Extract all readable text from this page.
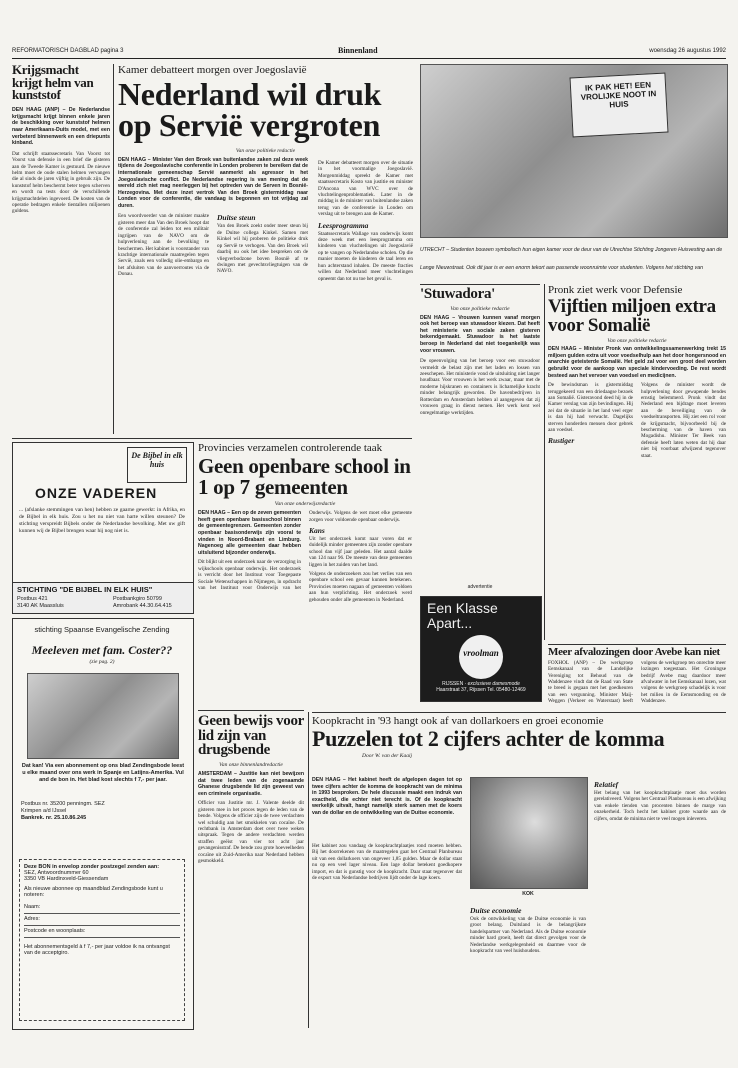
REFORMATORISCH DAGBLAD pagina 3	Binnenland	woensdag 26 augustus 1992
Krijgsmacht krijgt helm van kunststof
DEN HAAG (ANP) – De Nederlandse krijgsmacht krijgt binnen enkele jaren de beschikking over kunststof helmen naar Amerikaans-Duits model, met een verbeterd binnenwerk en een driepunts kinband.
Dat schrijft staatssecretaris Van Voorst tot Voorst van defensie in een brief die gisteren aan de Tweede Kamer is gestuurd. De nieuwe helm moet de oude stalen helmen vervangen die al sinds de jaren vijftig in gebruik zijn. De kunststof helm beschermt beter tegen scherven en wordt na tests door de verschillende krijgsmachtdelen ingevoerd. De kosten van de operatie bedragen enkele tientallen miljoenen guldens.
Kamer debatteert morgen over Joegoslavië
Nederland wil druk op Servië vergroten
Van onze politieke redactie
DEN HAAG – Minister Van den Broek van buitenlandse zaken zal deze week tijdens de Joegoslavische conferentie in Londen proberen te bereiken dat de internationale gemeenschap Servië aanmerkt als agressor in het Joegoslavische conflict. De Nederlandse regering is van mening dat de wereld zich niet mag neerleggen bij het optreden van de Serven in Bosnië-Herzegovina. Met deze inzet vertrok Van den Broek gistermiddag naar Londen voor de conferentie, die vandaag is begonnen en tot vrijdag zal duren.
Een woordvoerder van de minister maakte gisteren meer dan Van den Broek hoopt dat de conferentie zal leiden tot een militair ingrijpen van de NAVO om de hulpverlening aan de bevolking te beschermen. Het kabinet is voorstander van krachtige internationale maatregelen tegen Servië, zoals een volledig olie-embargo en het afsluiten van de aanvoerroutes via de Donau.
Duitse steun
Van den Broek zoekt onder meer steun bij de Duitse collega Kinkel. Samen met Kinkel wil hij proberen de politieke druk op Servië te verhogen. Van den Broek wil daarbij nu ook het idee bespreken om de vliegverbodzone boven Bosnië af te dwingen met gevechtsvliegtuigen van de NAVO.
De Kamer debatteert morgen over de situatie in het voormalige Joegoslavië. Morgenmiddag spreekt de Kamer met staatssecretaris Kosto van justitie en minister D'Ancona van WVC over de vluchtelingenproblematiek. Later in de middag is de minister van buitenlandse zaken terug van de conferentie in Londen om verslag uit te brengen aan de Kamer.
Leesprogramma
Staatssecretaris Wallage van onderwijs komt deze week met een leesprogramma om kinderen van vluchtelingen uit Joegoslavië op te vangen op Nederlandse scholen. Op die manier moeten de kinderen de taal leren en hun achterstand inhalen. De meeste fracties willen dat Nederland meer vluchtelingen opneemt dan tot nu toe het geval is.
IK PAK HET! EEN VROLIJKE NOOT IN HUIS
UTRECHT – Studenten bouwen symbolisch hun eigen kamer voor de deur van de Utrechtse Stichting Jongeren Huisvesting aan de Lange Nieuwstraat. Ook dit jaar is er een enorm tekort aan passende woonruimte voor studenten. Volgens het stichting van
'Stuwadora'
Van onze politieke redactie
DEN HAAG – Vrouwen kunnen vanaf morgen ook het beroep van stuwadoor kiezen. Dat heeft het ministerie van sociale zaken gisteren bekendgemaakt. Stuwadoor is het laatste beroep in Nederland dat niet toegankelijk was voor vrouwen.
De opeenvolging van het beroep voor een stuwadoor vermeldt de belast zijn met het laden en lossen van zeeschepen. Het ministerie vond de uitsluiting niet langer houdbaar. Voor vrouwen is het werk zwaar, maar met de moderne hijskranen en containers is lichamelijke kracht minder belangrijk geworden. De havenbedrijven in Rotterdam en Amsterdam hebben al aangegeven dat zij vrouwen graag in dienst nemen. Het werk kent wel onregelmatige werktijden.
Pronk ziet werk voor Defensie
Vijftien miljoen extra voor Somalië
Van onze politieke redactie
DEN HAAG – Minister Pronk van ontwikkelingssamenwerking trekt 15 miljoen gulden extra uit voor voedselhulp aan het door hongersnood en anarchie geteisterde Somalië. Het geld zal voor een groot deel worden gebruikt voor de aankoop van speciale kindervoeding. De rest wordt besteed aan het vervoer van voedsel en medicijnen.
De bewindsman is gistermiddag teruggekeerd van een driedaagse bezoek aan Somalië. Gisteravond deed hij in de Kamer verslag van zijn bevindingen. Hij zei dat de situatie in het land veel erger is dan hij had verwacht. Dagelijks sterven honderden mensen door gebrek aan voedsel.
Rustiger
Volgens de minister wordt de hulpverlening door gewapende bendes ernstig belemmerd. Pronk vindt dat Nederland een bijdrage moet leveren aan de beveiliging van de voedseltransporten. Hij ziet een rol voor de krijgsmacht, bijvoorbeeld bij de bescherming van de haven van Mogadishu. Minister Ter Beek van defensie heeft laten weten dat hij daar niet bij voorbaat afwijzend tegenover staat.
De Bijbel in elk huis
ONZE VADEREN
... (afslanke stemmingen van hen) hebben ze gaarne gewerkt: in Afrika, en de Bijbel in elk huis. Zou u het nu niet van harte willen steunen? De stichting verspreidt Bijbels onder de Nederlandse bevolking. Met uw gift kunnen wij de Bijbel brengen waar hij nog niet is.
STICHTING "DE BIJBEL IN ELK HUIS"
Postbus 421
3140 AK Maassluis
Postbankgiro 50799
Amrobank 44.30.64.415
stichting Spaanse Evangelische Zending
Meeleven met fam. Coster??
(zie pag. 2)
Dat kan! Via een abonnement op ons blad Zendingsbode leest u elke maand over ons werk in Spanje en Latijns-Amerika. Vul and de bon in. Het blad kost slechts f 7,- per jaar.
Postbus nr. 35200 penningm. SEZ
Krimpen a/d IJssel
Bankrek. nr. 25.10.86.245
Deze BON in envelop zonder postzegel zenden aan:
SEZ, Antwoordnummer 60
3350 VB Hardinxveld-Giessendam
Als nieuwe abonnee op maandblad Zendingsbode kunt u noteren:
Naam:
Adres:
Postcode en woonplaats:
Het abonnementsgeld à f 7,- per jaar voldoe ik na ontvangst van de acceptgiro.
Provincies verzamelen controlerende taak
Geen openbare school in 1 op 7 gemeenten
Van onze onderwijsredactie
DEN HAAG – Een op de zeven gemeenten heeft geen openbare basisschool binnen de gemeentegrenzen. Gemeenten zonder openbaar basisonderwijs zijn vooral te vinden in Noord-Brabant en Limburg. Nagenoeg alle gemeenten daar hebben uitsluitend bijzonder onderwijs.
Dit blijkt uit een onderzoek naar de verzorging in wijkschools openbaar onderwijs. Het onderzoek is verricht door het Instituut voor Toegepaste Sociale Wetenschappen in Nijmegen, in opdracht van het Instituut voor Onderwijs van het Onderwijs. Volgens de wet moet elke gemeente zorgen voor voldoende openbaar onderwijs.
Kans
Uit het onderzoek komt naar voren dat er duidelijk minder gemeenten zijn zonder openbare school dan vijf jaar geleden. Het aantal daalde van 124 naar 96. De meeste van deze gemeenten liggen in het zuiden van het land.
Volgens de onderzoekers zou het verlies van een openbare school een gevaar kunnen betekenen. Provincies moeten nagaan of gemeenten voldoen aan hun verplichting. Het onderzoek werd gehouden onder alle gemeenten in Nederland.
advertentie
Een Klasse Apart...
vroolman
RIJSSEN · exclusieve damesmode
Haarstraat 37, Rijssen Tel. 05480-12469
Meer afvalozingen door Avebe kan niet
FOXHOL (ANP) – De werkgroep Eemskanaal van de Landelijke Vereniging tot Behoud van de Waddenzee vindt dat de Raad van State te breed is gegaan met het goedkeuren van een vergunning. Minister Maij-Weggen (Verkeer en Waterstaat) heeft volgens de werkgroep ten onrechte meer lozingen toegestaan. Het Groningse bedrijf Avebe mag daardoor meer afvalwater in het Eemskanaal lozen, wat volgens de werkgroep schadelijk is voor het milieu in de Eemsmonding en de Waddenzee.
Geen bewijs voor lid zijn van drugsbende
Van onze binnenlandredactie
AMSTERDAM – Justitie kan niet bewijzen dat twee leden van de zogenaamde Ghanese drugsbende lid zijn geweest van een criminele organisatie.
Officier van Justitie mr. J. Valente deelde dit gisteren mee in het proces tegen de leden van de bende. Volgens de officier zijn de twee verdachten wel schuldig aan het smokkelen van cocaïne. De rechtbank in Amsterdam doet over twee weken uitspraak. Tegen de andere verdachten werden straffen geëist van vier tot acht jaar gevangenisstraf. De bende zou grote hoeveelheden cocaïne uit Zuid-Amerika naar Nederland hebben gesmokkeld.
Koopkracht in '93 hangt ook af van dollarkoers en groei economie
Puzzelen tot 2 cijfers achter de komma
Door W. van der Kaaij
DEN HAAG – Het kabinet heeft de afgelopen dagen tot op twee cijfers achter de komma de koopkracht van de minima in 1993 besproken. De hele discussie maakt een indruk van exactheid, die echter niet terecht is. Of de koopkracht werkelijk uitvalt, hangt namelijk sterk samen met de koers van de dollar en de ontwikkeling van de Duitse economie.
Het kabinet zou vandaag de koopkrachtplaatjes rond moeten hebben. Bij het doorrekenen van de maatregelen gaat het Centraal Planbureau uit van een dollarkoers van ongeveer 1,85 gulden. Maar de dollar staat nu op een veel lager niveau. Een lage dollar betekent goedkopere import, en dat is gunstig voor de koopkracht. Daar staat tegenover dat de export van Nederlandse bedrijven lijdt onder de lage koers.
KOK
Duitse economie
Ook de ontwikkeling van de Duitse economie is van groot belang. Duitsland is de belangrijkste handelspartner van Nederland. Als de Duitse economie minder hard groeit, heeft dat direct gevolgen voor de Nederlandse werkgelegenheid en daarmee voor de koopkracht van veel huishoudens.
Relatief
Het belang van het koopkrachtplaatje moet dus worden gerelativeerd. Volgens het Centraal Planbureau is een afwijking van enkele tienden van procenten binnen de marge van onzekerheid. Toch hecht het kabinet grote waarde aan de cijfers, omdat de minima niet te veel mogen inleveren.
